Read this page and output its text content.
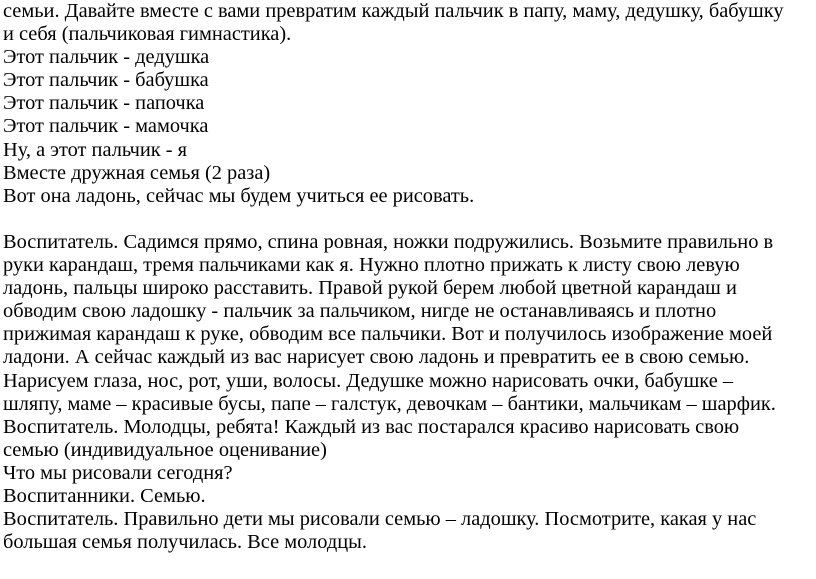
семьи. Давайте вместе с вами превратим каждый пальчик в папу, маму, дедушку, бабушку
и себя (пальчиковая гимнастика).
Этот пальчик - дедушка
Этот пальчик - бабушка
Этот пальчик - папочка
Этот пальчик - мамочка
Ну, а этот пальчик - я
Вместе дружная семья (2 раза)
Вот она ладонь, сейчас мы будем учиться ее рисовать.
Воспитатель. Садимся прямо, спина ровная, ножки подружились. Возьмите правильно в
руки карандаш, тремя пальчиками как я. Нужно плотно прижать к листу свою левую
ладонь, пальцы широко расставить. Правой рукой берем любой цветной карандаш и
обводим свою ладошку - пальчик за пальчиком, нигде не останавливаясь и плотно
прижимая карандаш к руке, обводим все пальчики. Вот и получилось изображение моей
ладони. А сейчас каждый из вас нарисует свою ладонь и превратить ее в свою семью.
Нарисуем глаза, нос, рот, уши, волосы. Дедушке можно нарисовать очки, бабушке –
шляпу, маме – красивые бусы, папе – галстук, девочкам – бантики, мальчикам – шарфик.
Воспитатель. Молодцы, ребята! Каждый из вас постарался красиво нарисовать свою
семью (индивидуальное оценивание)
Что мы рисовали сегодня?
Воспитанники. Семью.
Воспитатель. Правильно дети мы рисовали семью – ладошку. Посмотрите, какая у нас
большая семья получилась. Все молодцы.
